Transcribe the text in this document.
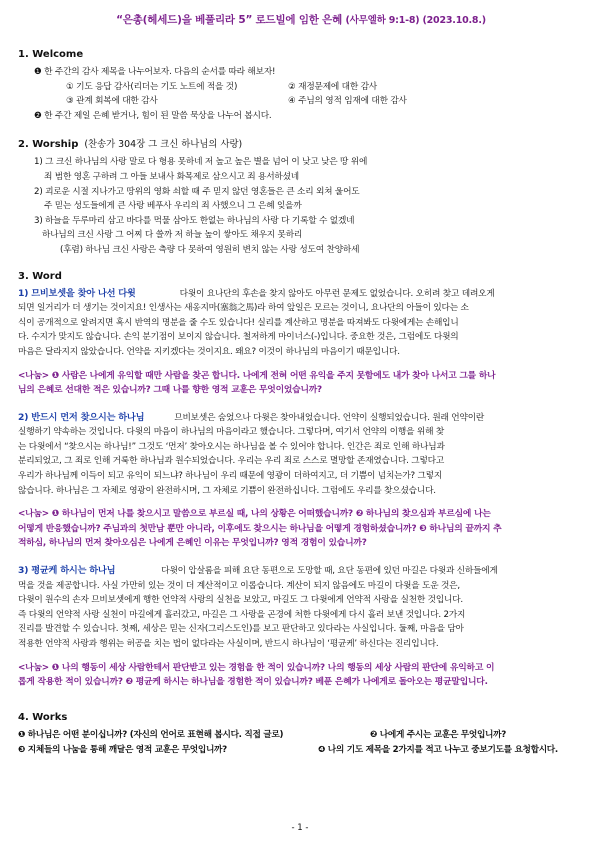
“은총(헤세드)을 베풀리라 5” 로드빌에 임한 은혜 (사무엘하 9:1-8) (2023.10.8.)
1. Welcome
❶ 한 주간의 감사 제목을 나누어보자. 다음의 순서를 따라 해보자!
① 기도 응답 감사(리더는 기도 노트에 적을 것)	② 재정문제에 대한 감사
③ 관계 회복에 대한 감사	④ 주님의 영적 임재에 대한 감사
❷ 한 주간 제일 은혜 받거나, 힘이 된 말씀 묵상을 나누어 봅시다.
2. Worship (찬송가 304장 그 크신 하나님의 사랑)
1) 그 크신 하나님의 사랑 말로 다 형용 못하네 저 높고 높은 별을 넘어 이 낮고 낮은 땅 위에
죄 범한 영혼 구하려 그 아들 보내사 화목제로 삼으시고 죄 용서하셨네
2) 괴로운 시절 지나가고 땅위의 영화 쇠할 때 주 믿지 않던 영혼들은 큰 소리 외쳐 울어도
주 믿는 성도들에게 큰 사랑 베푸사 우리의 죄 사했으니 그 은혜 잊을까
3) 하늘을 두루마리 삼고 바다를 먹물 삼아도 한없는 하나님의 사랑 다 기록할 수 없겠네
하나님의 크신 사랑 그 어찌 다 쓸까 저 하늘 높이 쌓아도 채우지 못하리
(후렴) 하나님 크신 사랑은 측량 다 못하여 영원히 변치 않는 사랑 성도여 찬양하세
3. Word
1) 므비보셋을 찾아 나선 다윗	다윗이 요나단의 후손을 찾지 않아도 아무런 문제도 없었습니다. 오히려 찾고 데려오게
되면 일거리가 더 생기는 것이지요! 인생사는 새옹지마(塞翁之馬)라 하여 앞일은 모르는 것이니, 요나단의 아들이 있다는 소
식이 공개적으로 알려지면 혹시 반역의 명분을 줄 수도 있습니다! 실리를 계산하고 명분을 따져봐도 다윗에게는 손해입니
다. 수지가 맞지도 않습니다. 손익 분기점이 보이지 않습니다. 철저하게 마이너스(-)입니다. 중요한 것은, 그럼에도 다윗의
마음은 달라지지 않았습니다. 언약을 지키겠다는 것이지요. 왜요? 이것이 하나님의 마음이기 때문입니다.
<나눔> ❶ 사람은 나에게 유익할 때만 사람을 찾곤 합니다. 나에게 전혀 어떤 유익을 주지 못함에도 내가 찾아 나서고 그를 하나
님의 은혜로 선대한 적은 있습니까? 그때 나를 향한 영적 교훈은 무엇이었습니까?
2) 반드시 먼저 찾으시는 하나님	므비보셋은 숨었으나 다윗은 찾아내었습니다. 언약이 실행되었습니다. 원래 언약이란
실행하기 약속하는 것입니다. 다윗의 마음이 하나님의 마음이라고 했습니다. 그렇다며, 여기서 언약의 이행을 위해 찾
는 다윗에서 “찾으시는 하나님!” 그것도 ‘먼저’ 찾아오시는 하나님을 볼 수 있어야 합니다. 인간은 죄로 인해 하나님과
분리되었고, 그 죄로 인해 거룩한 하나님과 원수되었습니다. 우리는 우리 죄로 스스로 멸망할 존재였습니다. 그렇다고
우리가 하나님께 이득이 되고 유익이 되느냐? 하나님이 우리 때문에 영광이 더하여지고, 더 기쁨이 넘치는가? 그렇지
않습니다. 하나님은 그 자체로 영광이 완전하시며, 그 자체로 기쁨이 완전하십니다. 그럼에도 우리를 찾으셨습니다.
<나눔> ❶ 하나님이 먼저 나를 찾으시고 말씀으로 부르실 때, 나의 상황은 어떠했습니까? ❷ 하나님의 찾으심과 부르심에 나는
어떻게 반응했습니까? 주님과의 첫만남 뿐만 아니라, 이후에도 찾으시는 하나님을 어떻게 경험하셨습니까? ❸ 하나님의 끝까지 추
적하심, 하나님의 먼저 찾아오심은 나에게 은혜인 이유는 무엇입니까? 영적 경험이 있습니까?
3) 평균케 하시는 하나님	다윗이 압살롬을 피해 요단 동편으로 도망할 때, 요단 동편에 있던 마길은 다윗과 신하들에게
먹을 것을 제공합니다. 사실 가만히 있는 것이 더 계산적이고 이롭습니다. 계산이 되지 않음에도 마길이 다윗을 도운 것은,
다윗이 원수의 손자 므비보셋에게 행한 언약적 사랑의 실천을 보았고, 마길도 그 다윗에게 언약적 사랑을 실천한 것입니다.
즉 다윗의 언약적 사랑 실천이 마길에게 흘러갔고, 마길은 그 사랑을 곤경에 처한 다윗에게 다시 흘러 보낸 것입니다. 2가지
진리를 발견할 수 있습니다. 첫째, 세상은 믿는 신자(그리스도인)를 보고 판단하고 있다라는 사실입니다. 둘째, 마음을 담아
적용한 언약적 사랑과 행위는 허공을 치는 법이 없다라는 사실이며, 반드시 하나님이 ‘평균케’ 하신다는 진리입니다.
<나눔> ❶ 나의 행동이 세상 사람한테서 판단받고 있는 경험을 한 적이 있습니까? 나의 행동의 세상 사람의 판단에 유익하고 이
롭게 작용한 적이 있습니까? ❷ 평균케 하시는 하나님을 경험한 적이 있습니까? 베푼 은혜가 나에게로 돌아오는 평균말입니다.
4. Works
❶ 하나님은 어떤 분이십니까? (자신의 언어로 표현해 봅시다. 직접 글로)	❷ 나에게 주시는 교훈은 무엇입니까?
❸ 지체들의 나눔을 통해 깨달은 영적 교훈은 무엇입니까?	❹ 나의 기도 제목을 2가지를 적고 나누고 중보기도를 요청합시다.
- 1 -
